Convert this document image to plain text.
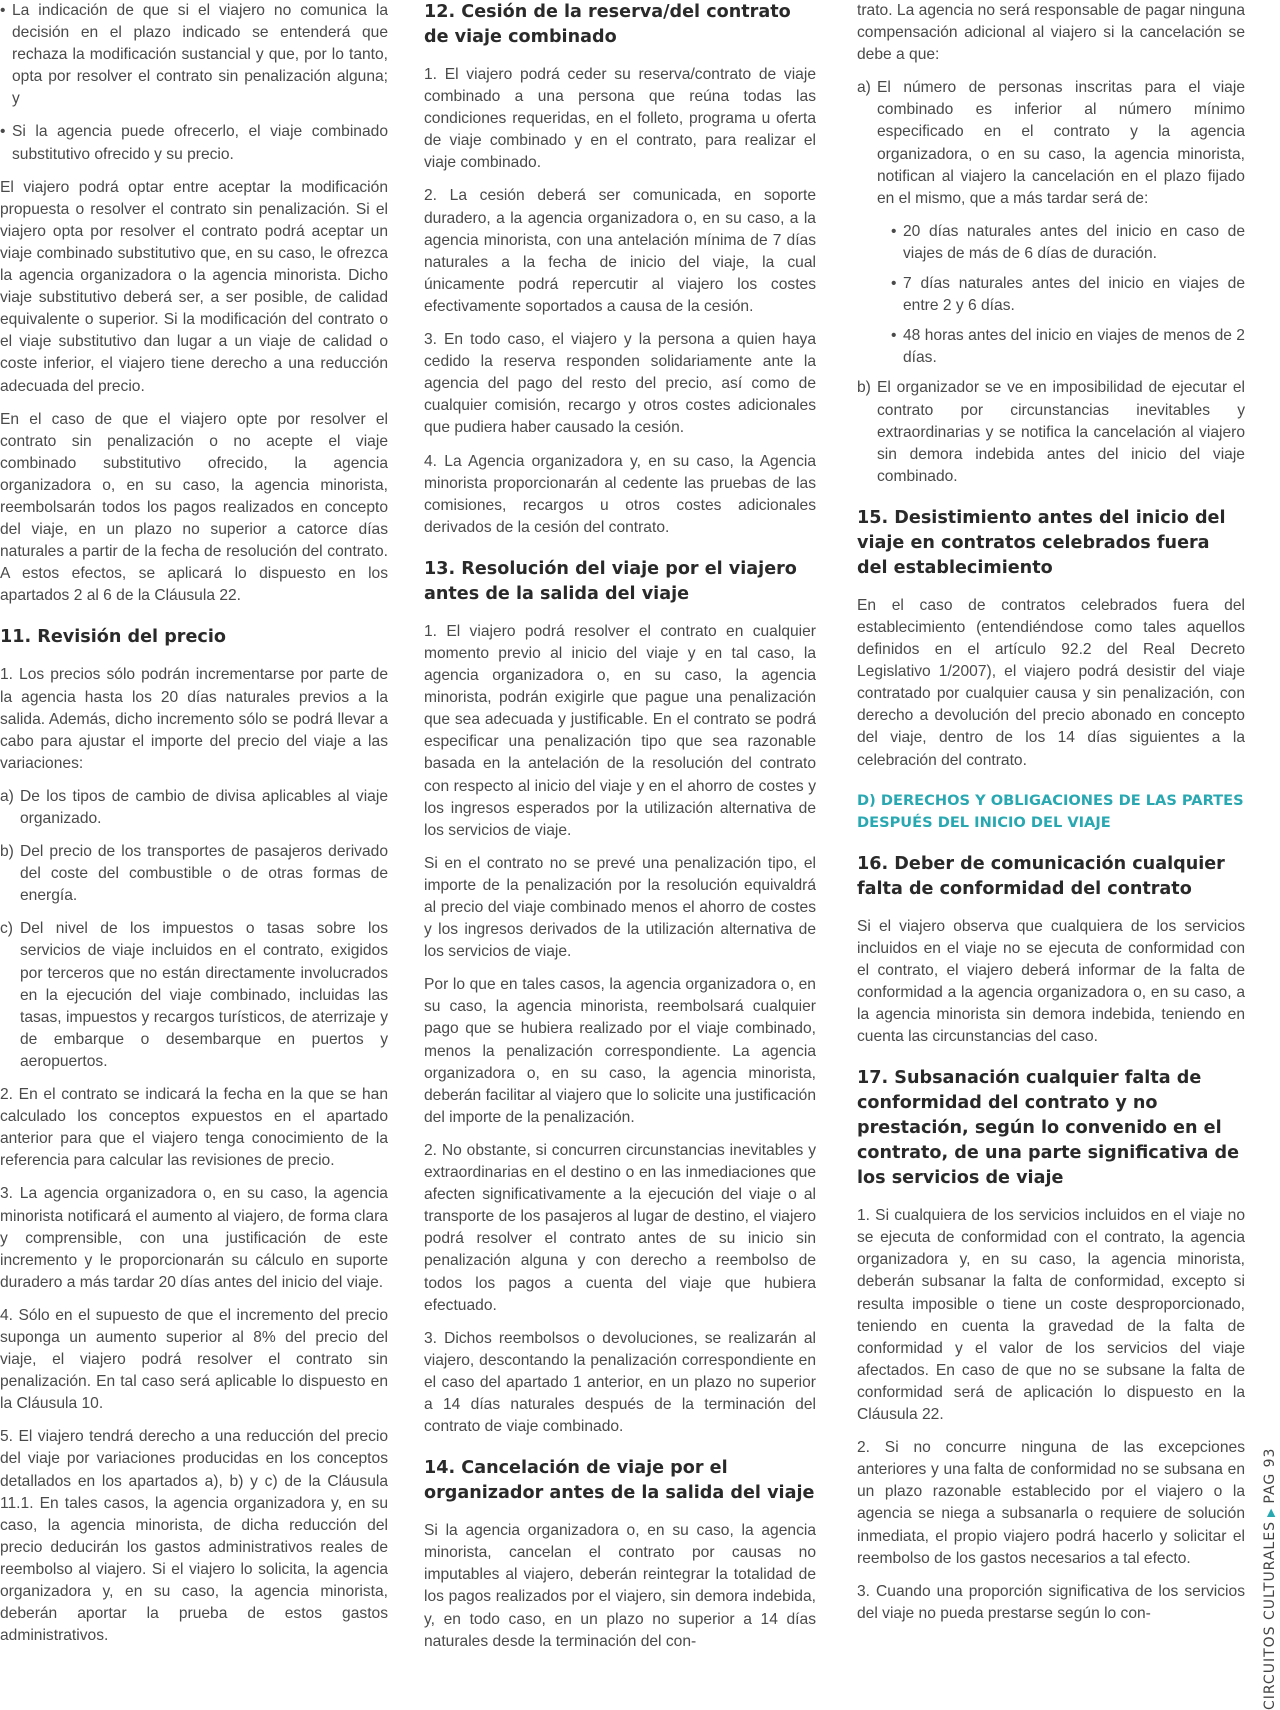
• La indicación de que si el viajero no comunica la decisión en el plazo indicado se entenderá que rechaza la modificación sustancial y que, por lo tanto, opta por resolver el contrato sin penalización alguna; y

• Si la agencia puede ofrecerlo, el viaje combinado substitutivo ofrecido y su precio.

El viajero podrá optar entre aceptar la modificación propuesta o resolver el contrato sin penalización. Si el viajero opta por resolver el contrato podrá aceptar un viaje combinado substitutivo que, en su caso, le ofrezca la agencia organizadora o la agencia minorista. Dicho viaje substitutivo deberá ser, a ser posible, de calidad equivalente o superior. Si la modificación del contrato o el viaje substitutivo dan lugar a un viaje de calidad o coste inferior, el viajero tiene derecho a una reducción adecuada del precio.

En el caso de que el viajero opte por resolver el contrato sin penalización o no acepte el viaje combinado substitutivo ofrecido, la agencia organizadora o, en su caso, la agencia minorista, reembolsarán todos los pagos realizados en concepto del viaje, en un plazo no superior a catorce días naturales a partir de la fecha de resolución del contrato. A estos efectos, se aplicará lo dispuesto en los apartados 2 al 6 de la Cláusula 22.

11. Revisión del precio

1. Los precios sólo podrán incrementarse por parte de la agencia hasta los 20 días naturales previos a la salida. Además, dicho incremento sólo se podrá llevar a cabo para ajustar el importe del precio del viaje a las variaciones:

a) De los tipos de cambio de divisa aplicables al viaje organizado.

b) Del precio de los transportes de pasajeros derivado del coste del combustible o de otras formas de energía.

c) Del nivel de los impuestos o tasas sobre los servicios de viaje incluidos en el contrato, exigidos por terceros que no están directamente involucrados en la ejecución del viaje combinado, incluidas las tasas, impuestos y recargos turísticos, de aterrizaje y de embarque o desembarque en puertos y aeropuertos.

2. En el contrato se indicará la fecha en la que se han calculado los conceptos expuestos en el apartado anterior para que el viajero tenga conocimiento de la referencia para calcular las revisiones de precio.

3. La agencia organizadora o, en su caso, la agencia minorista notificará el aumento al viajero, de forma clara y comprensible, con una justificación de este incremento y le proporcionarán su cálculo en suporte duradero a más tardar 20 días antes del inicio del viaje.

4. Sólo en el supuesto de que el incremento del precio suponga un aumento superior al 8% del precio del viaje, el viajero podrá resolver el contrato sin penalización. En tal caso será aplicable lo dispuesto en la Cláusula 10.

5. El viajero tendrá derecho a una reducción del precio del viaje por variaciones producidas en los conceptos detallados en los apartados a), b) y c) de la Cláusula 11.1. En tales casos, la agencia organizadora y, en su caso, la agencia minorista, de dicha reducción del precio deducirán los gastos administrativos reales de reembolso al viajero. Si el viajero lo solicita, la agencia organizadora y, en su caso, la agencia minorista, deberán aportar la prueba de estos gastos administrativos.

12. Cesión de la reserva/del contrato de viaje combinado

1. El viajero podrá ceder su reserva/contrato de viaje combinado a una persona que reúna todas las condiciones requeridas, en el folleto, programa u oferta de viaje combinado y en el contrato, para realizar el viaje combinado.

2. La cesión deberá ser comunicada, en soporte duradero, a la agencia organizadora o, en su caso, a la agencia minorista, con una antelación mínima de 7 días naturales a la fecha de inicio del viaje, la cual únicamente podrá repercutir al viajero los costes efectivamente soportados a causa de la cesión.

3. En todo caso, el viajero y la persona a quien haya cedido la reserva responden solidariamente ante la agencia del pago del resto del precio, así como de cualquier comisión, recargo y otros costes adicionales que pudiera haber causado la cesión.

4. La Agencia organizadora y, en su caso, la Agencia minorista proporcionarán al cedente las pruebas de las comisiones, recargos u otros costes adicionales derivados de la cesión del contrato.

13. Resolución del viaje por el viajero antes de la salida del viaje

1. El viajero podrá resolver el contrato en cualquier momento previo al inicio del viaje y en tal caso, la agencia organizadora o, en su caso, la agencia minorista, podrán exigirle que pague una penalización que sea adecuada y justificable. En el contrato se podrá especificar una penalización tipo que sea razonable basada en la antelación de la resolución del contrato con respecto al inicio del viaje y en el ahorro de costes y los ingresos esperados por la utilización alternativa de los servicios de viaje.

Si en el contrato no se prevé una penalización tipo, el importe de la penalización por la resolución equivaldrá al precio del viaje combinado menos el ahorro de costes y los ingresos derivados de la utilización alternativa de los servicios de viaje.

Por lo que en tales casos, la agencia organizadora o, en su caso, la agencia minorista, reembolsará cualquier pago que se hubiera realizado por el viaje combinado, menos la penalización correspondiente. La agencia organizadora o, en su caso, la agencia minorista, deberán facilitar al viajero que lo solicite una justificación del importe de la penalización.

2. No obstante, si concurren circunstancias inevitables y extraordinarias en el destino o en las inmediaciones que afecten significativamente a la ejecución del viaje o al transporte de los pasajeros al lugar de destino, el viajero podrá resolver el contrato antes de su inicio sin penalización alguna y con derecho a reembolso de todos los pagos a cuenta del viaje que hubiera efectuado.

3. Dichos reembolsos o devoluciones, se realizarán al viajero, descontando la penalización correspondiente en el caso del apartado 1 anterior, en un plazo no superior a 14 días naturales después de la terminación del contrato de viaje combinado.

14. Cancelación de viaje por el organizador antes de la salida del viaje

Si la agencia organizadora o, en su caso, la agencia minorista, cancelan el contrato por causas no imputables al viajero, deberán reintegrar la totalidad de los pagos realizados por el viajero, sin demora indebida, y, en todo caso, en un plazo no superior a 14 días naturales desde la terminación del con-

trato. La agencia no será responsable de pagar ninguna compensación adicional al viajero si la cancelación se debe a que:

a) El número de personas inscritas para el viaje combinado es inferior al número mínimo especificado en el contrato y la agencia organizadora, o en su caso, la agencia minorista, notifican al viajero la cancelación en el plazo fijado en el mismo, que a más tardar será de:

• 20 días naturales antes del inicio en caso de viajes de más de 6 días de duración.

• 7 días naturales antes del inicio en viajes de entre 2 y 6 días.

• 48 horas antes del inicio en viajes de menos de 2 días.

b) El organizador se ve en imposibilidad de ejecutar el contrato por circunstancias inevitables y extraordinarias y se notifica la cancelación al viajero sin demora indebida antes del inicio del viaje combinado.

15. Desistimiento antes del inicio del viaje en contratos celebrados fuera del establecimiento

En el caso de contratos celebrados fuera del establecimiento (entendiéndose como tales aquellos definidos en el artículo 92.2 del Real Decreto Legislativo 1/2007), el viajero podrá desistir del viaje contratado por cualquier causa y sin penalización, con derecho a devolución del precio abonado en concepto del viaje, dentro de los 14 días siguientes a la celebración del contrato.

D) DERECHOS Y OBLIGACIONES DE LAS PARTES DESPUÉS DEL INICIO DEL VIAJE
16. Deber de comunicación cualquier falta de conformidad del contrato

Si el viajero observa que cualquiera de los servicios incluidos en el viaje no se ejecuta de conformidad con el contrato, el viajero deberá informar de la falta de conformidad a la agencia organizadora o, en su caso, a la agencia minorista sin demora indebida, teniendo en cuenta las circunstancias del caso.

17. Subsanación cualquier falta de conformidad del contrato y no prestación, según lo convenido en el contrato, de una parte significativa de los servicios de viaje

1. Si cualquiera de los servicios incluidos en el viaje no se ejecuta de conformidad con el contrato, la agencia organizadora y, en su caso, la agencia minorista, deberán subsanar la falta de conformidad, excepto si resulta imposible o tiene un coste desproporcionado, teniendo en cuenta la gravedad de la falta de conformidad y el valor de los servicios del viaje afectados. En caso de que no se subsane la falta de conformidad será de aplicación lo dispuesto en la Cláusula 22.

2. Si no concurre ninguna de las excepciones anteriores y una falta de conformidad no se subsana en un plazo razonable establecido por el viajero o la agencia se niega a subsanarla o requiere de solución inmediata, el propio viajero podrá hacerlo y solicitar el reembolso de los gastos necesarios a tal efecto.

3. Cuando una proporción significativa de los servicios del viaje no pueda prestarse según lo con-	CIRCUITOS CULTURALES▶PAG 93
